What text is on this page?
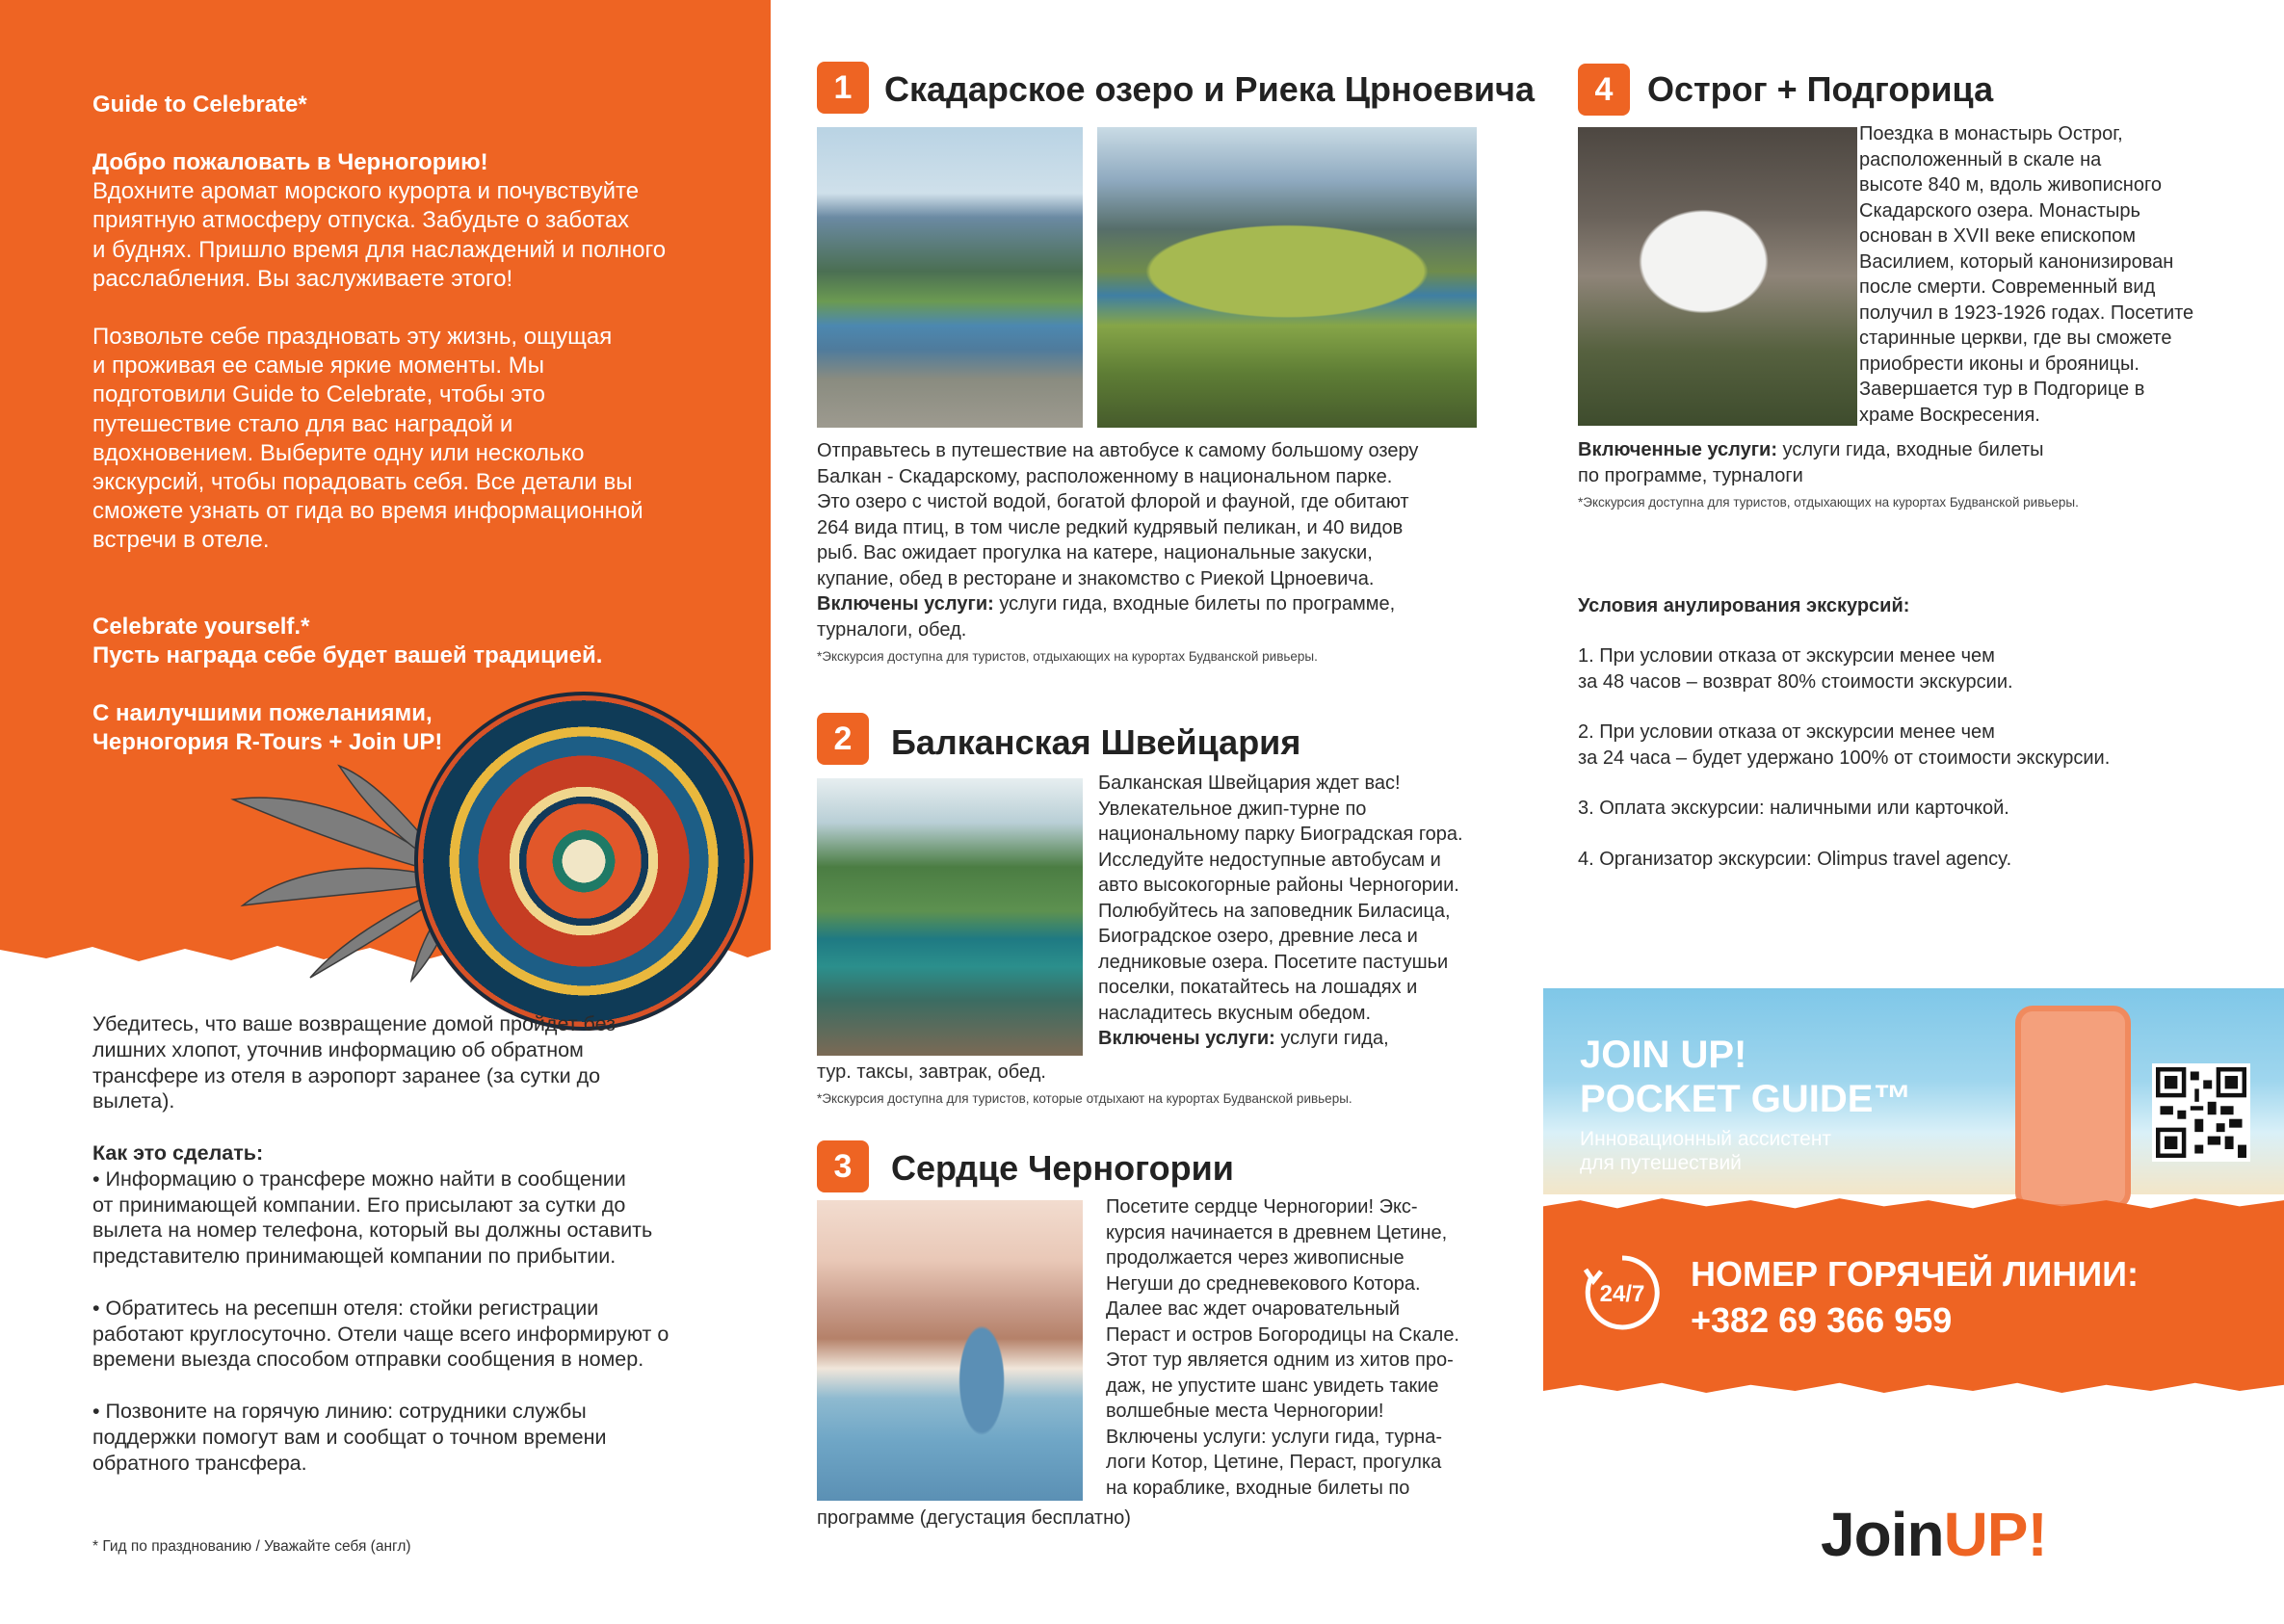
Guide to Celebrate*
Добро пожаловать в Черногорию!
Вдохните аромат морского курорта и почувствуйте
приятную атмосферу отпуска. Забудьте о заботах
и буднях. Пришло время для наслаждений и полного
расслабления. Вы заслуживаете этого!
Позвольте себе праздновать эту жизнь, ощущая
и проживая ее самые яркие моменты. Мы
подготовили Guide to Celebrate, чтобы это
путешествие стало для вас наградой и
вдохновением. Выберите одну или несколько
экскурсий, чтобы порадовать себя. Все детали вы
сможете узнать от гида во время информационной
встречи в отеле.
Celebrate yourself.*
Пусть награда себе будет вашей традицией.
С наилучшими пожеланиями,
Черногория R-Tours + Join UP!

Убедитесь, что ваше возвращение домой пройдет без
лишних хлопот, уточнив информацию об обратном
трансфере из отеля в аэропорт заранее (за сутки до
вылета).

Как это сделать:
• Информацию о трансфере можно найти в сообщении
от принимающей компании. Его присылают за сутки до
вылета на номер телефона, который вы должны оставить
представителю принимающей компании по прибытии.

• Обратитесь на ресепшн отеля: стойки регистрации
работают круглосуточно. Отели чаще всего информируют о
времени выезда способом отправки сообщения в номер.

• Позвоните на горячую линию: сотрудники службы
поддержки помогут вам и сообщат о точном времени
обратного трансфера.

* Гид по празднованию / Уважайте себя (англ)
1 Скадарское озеро и Риека Црноевича
Отправьтесь в путешествие на автобусе к самому большому озеру
Балкан - Скадарскому, расположенному в национальном парке.
Это озеро с чистой водой, богатой флорой и фауной, где обитают
264 вида птиц, в том числе редкий кудрявый пеликан, и 40 видов
рыб. Вас ожидает прогулка на катере, национальные закуски,
купание, обед в ресторане и знакомство с Риекой Црноевича.
Включены услуги: услуги гида, входные билеты по программе,
турналоги, обед.
*Экскурсия доступна для туристов, отдыхающих на курортах Будванской ривьеры.
2	Балканская Швейцария
Балканская Швейцария ждет вас!
Увлекательное джип-турне по
национальному парку Биоградская гора.
Исследуйте недоступные автобусам и
авто высокогорные районы Черногории.
Полюбуйтесь на заповедник Биласица,
Биоградское озеро, древние леса и
ледниковые озера. Посетите пастушьи
поселки, покатайтесь на лошадях и
насладитесь вкусным обедом.
Включены услуги: услуги гида,
тур. таксы, завтрак, обед.
*Экскурсия доступна для туристов, которые отдыхают на курортах Будванской ривьеры.
3	Сердце Черногории
Посетите сердце Черногории! Экс-
курсия начинается в древнем Цетине,
продолжается через живописные
Негуши до средневекового Котора.
Далее вас ждет очаровательный
Пераст и остров Богородицы на Скале.
Этот тур является одним из хитов про-
даж, не упустите шанс увидеть такие
волшебные места Черногории!
Включены услуги: услуги гида, турна-
логи Котор, Цетине, Пераст, прогулка
на кораблике, входные билеты по
программе (дегустация бесплатно)
4 Острог + Подгорица
Поездка в монастырь Острог,
расположенный в скале на
высоте 840 м, вдоль живописного
Скадарского озера. Монастырь
основан в XVII веке епископом
Василием, который канонизирован
после смерти. Современный вид
получил в 1923-1926 годах. Посетите
старинные церкви, где вы сможете
приобрести иконы и брояницы.
Завершается тур в Подгорице в
храме Воскресения.
Включенные услуги: услуги гида, входные билеты
по программе, турналоги
*Экскурсия доступна для туристов, отдыхающих на курортах Будванской ривьеры.
Условия анулирования экскурсий:
1. При условии отказа от экскурсии менее чем
за 48 часов – возврат 80% стоимости экскурсии.
2. При условии отказа от экскурсии менее чем
за 24 часа – будет удержано 100% от стоимости экскурсии.
3. Оплата экскурсии: наличными или карточкой.
4. Организатор экскурсии: Olimpus travel agency.
JOIN UP!
POCKET GUIDE™
Инновационный ассистент
для путешествий
24/7
НОМЕР ГОРЯЧЕЙ ЛИНИИ:
+382 69 366 959
JoinUP!
